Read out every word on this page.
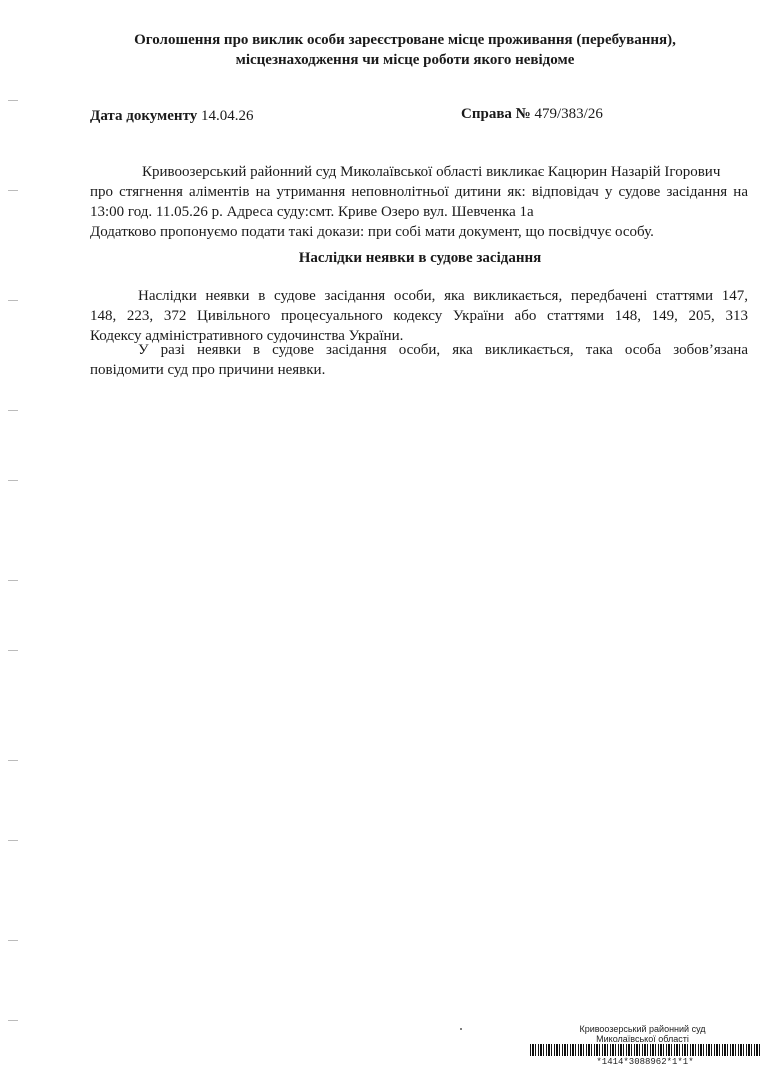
Оголошення про виклик особи зареєстроване місце проживання (перебування),
місцезнаходження чи місце роботи якого невідоме
Дата документу 14.04.26	Справа № 479/383/26
Кривоозерський районний суд Миколаївської області викликає Кацюрин Назарій Ігорович
про стягнення аліментів на утримання неповнолітньої дитини як: відповідач у судове засідання на
13:00 год. 11.05.26 р. Адреса суду:смт. Криве Озеро вул. Шевченка 1а
Додатково пропонуємо подати такі докази: при собі мати документ, що посвідчує особу.
Наслідки неявки в судове засідання
Наслідки неявки в судове засідання особи, яка викликається, передбачені статтями 147,
148, 223, 372 Цивільного процесуального кодексу України або статтями 148, 149, 205, 313
Кодексу адміністративного судочинства України.
У разі неявки в судове засідання особи, яка викликається, така особа зобов’язана
повідомити суд про причини неявки.
Кривоозерський районний суд
Миколаївської області
*1414*3088962*1*1*
